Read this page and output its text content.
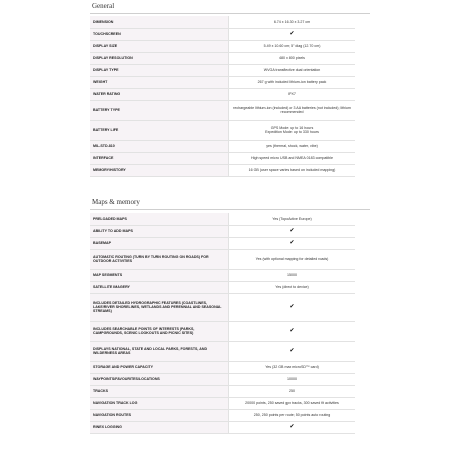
General
DIMENSION	6.74 x 16.30 x 3.27 cm
TOUCHSCREEN	✔
DISPLAY SIZE	5.49 x 10.60 cm; 5" diag (12.70 cm)
DISPLAY RESOLUTION	480 x 800 pixels
DISPLAY TYPE	WVGA transflective dual orientation
WEIGHT	267 g with included lithium-ion battery pack
WATER RATING	IPX7
BATTERY TYPE	rechargeable lithium-ion (included) or 3 AA batteries (not included); lithium recommended
BATTERY LIFE	GPS Mode: up to 16 hours
Expedition Mode: up to 330 hours
MIL-STD-810	yes (thermal, shock, water, vibe)
INTERFACE	High speed micro USB and NMEA 0183 compatible
MEMORY/HISTORY	16 GB (user space varies based on included mapping)
Maps & memory
PRELOADED MAPS	Yes (TopoActive Europe)
ABILITY TO ADD MAPS	✔
BASEMAP	✔
AUTOMATIC ROUTING (TURN BY TURN ROUTING ON ROADS) FOR OUTDOOR ACTIVITIES	Yes (with optional mapping for detailed roads)
MAP SEGMENTS	15000
SATELLITE IMAGERY	Yes (direct to device)
INCLUDES DETAILED HYDROGRAPHIC FEATURES (COASTLINES, LAKE/RIVER SHORELINES, WETLANDS AND PERENNIAL AND SEASONAL STREAMS)	✔
INCLUDES SEARCHABLE POINTS OF INTERESTS (PARKS, CAMPGROUNDS, SCENIC LOOKOUTS AND PICNIC SITES)	✔
DISPLAYS NATIONAL, STATE AND LOCAL PARKS, FORESTS, AND WILDERNESS AREAS	✔
STORAGE AND POWER CAPACITY	Yes (32 GB max microSD™ card)
WAYPOINTS/FAVOURITES/LOCATIONS	10000
TRACKS	250
NAVIGATION TRACK LOG	20000 points, 250 saved gpx tracks, 300 saved fit activities
NAVIGATION ROUTES	250, 250 points per route; 50 points auto routing
RINEX LOGGING	✔
